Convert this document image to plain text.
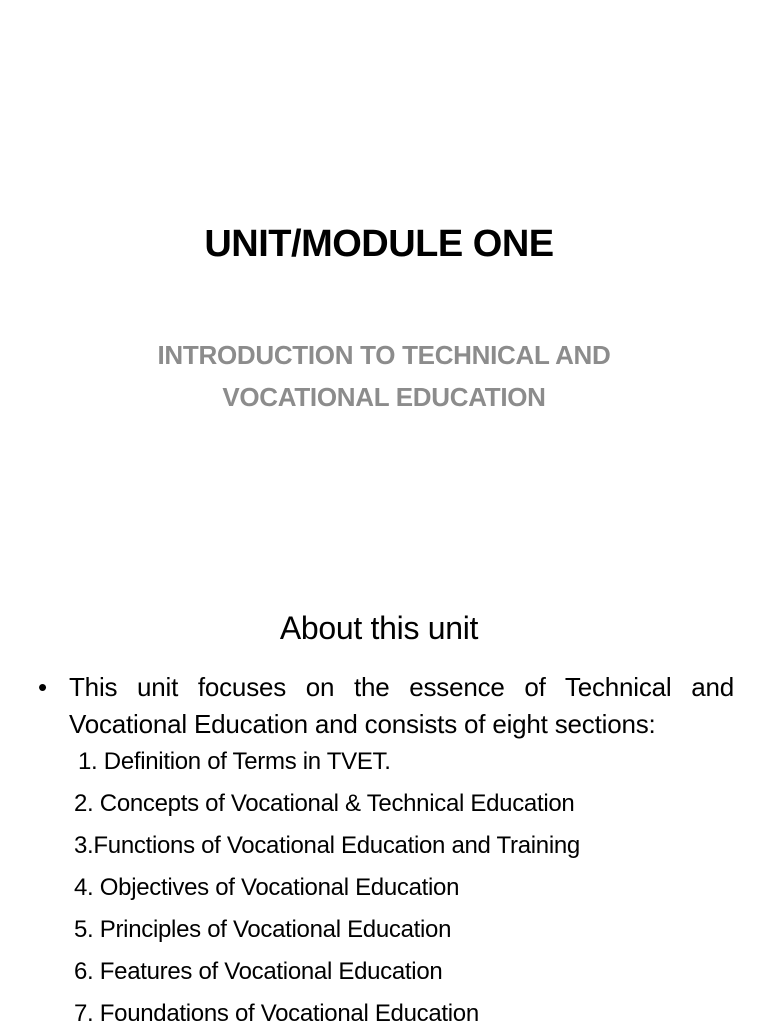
UNIT/MODULE ONE
INTRODUCTION TO TECHNICAL AND
VOCATIONAL EDUCATION
About this unit
• This unit focuses on the essence of Technical and Vocational Education and consists of eight sections:
1. Definition of Terms in TVET.
2. Concepts of Vocational & Technical Education
3.Functions of Vocational Education and Training
4. Objectives of Vocational Education
5. Principles of Vocational Education
6. Features of Vocational Education
7. Foundations of Vocational Education
